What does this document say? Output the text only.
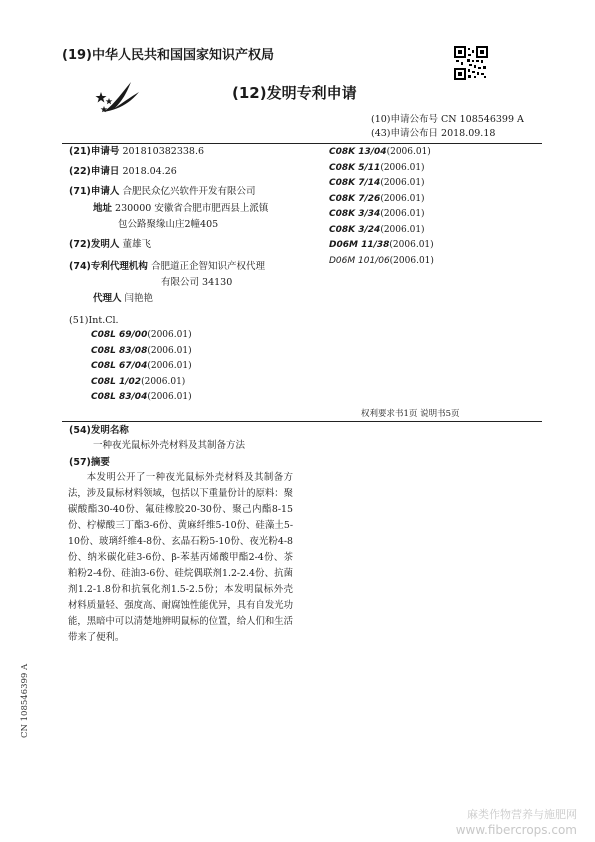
(19)中华人民共和国国家知识产权局
(12)发明专利申请
(10)申请公布号 CN 108546399 A
(43)申请公布日 2018.09.18
(21)申请号 201810382338.6
(22)申请日 2018.04.26
(71)申请人 合肥民众亿兴软件开发有限公司
地址 230000 安徽省合肥市肥西县上派镇
包公路聚缘山庄2幢405
(72)发明人 董雄飞
(74)专利代理机构 合肥道正企智知识产权代理
有限公司 34130
代理人 闫艳艳
(51)Int.Cl.
C08L 69/00(2006.01)
C08L 83/08(2006.01)
C08L 67/04(2006.01)
C08L 1/02(2006.01)
C08L 83/04(2006.01)
C08K 13/04(2006.01)
C08K 5/11(2006.01)
C08K 7/14(2006.01)
C08K 7/26(2006.01)
C08K 3/34(2006.01)
C08K 3/24(2006.01)
D06M 11/38(2006.01)
D06M 101/06(2006.01)
权利要求书1页 说明书5页
(54)发明名称
一种夜光鼠标外壳材料及其制备方法
(57)摘要
本发明公开了一种夜光鼠标外壳材料及其制备方法，涉及鼠标材料领域，包括以下重量份计的原料：聚碳酸酯30-40份、氟硅橡胶20-30份、聚己内酯8-15份、柠檬酸三丁酯3-6份、黄麻纤维5-10份、硅藻土5-10份、玻璃纤维4-8份、玄晶石粉5-10份、夜光粉4-8份、纳米碳化硅3-6份、β-苯基丙烯酸甲酯2-4份、茶粕粉2-4份、硅油3-6份、硅烷偶联剂1.2-2.4份、抗菌剂1.2-1.8份和抗氧化剂1.5-2.5份；本发明鼠标外壳材料质量轻、强度高、耐腐蚀性能优异，具有自发光功能，黑暗中可以清楚地辨明鼠标的位置，给人们和生活带来了便利。
CN 108546399 A
麻类作物营养与施肥网
www.fibercrops.com
